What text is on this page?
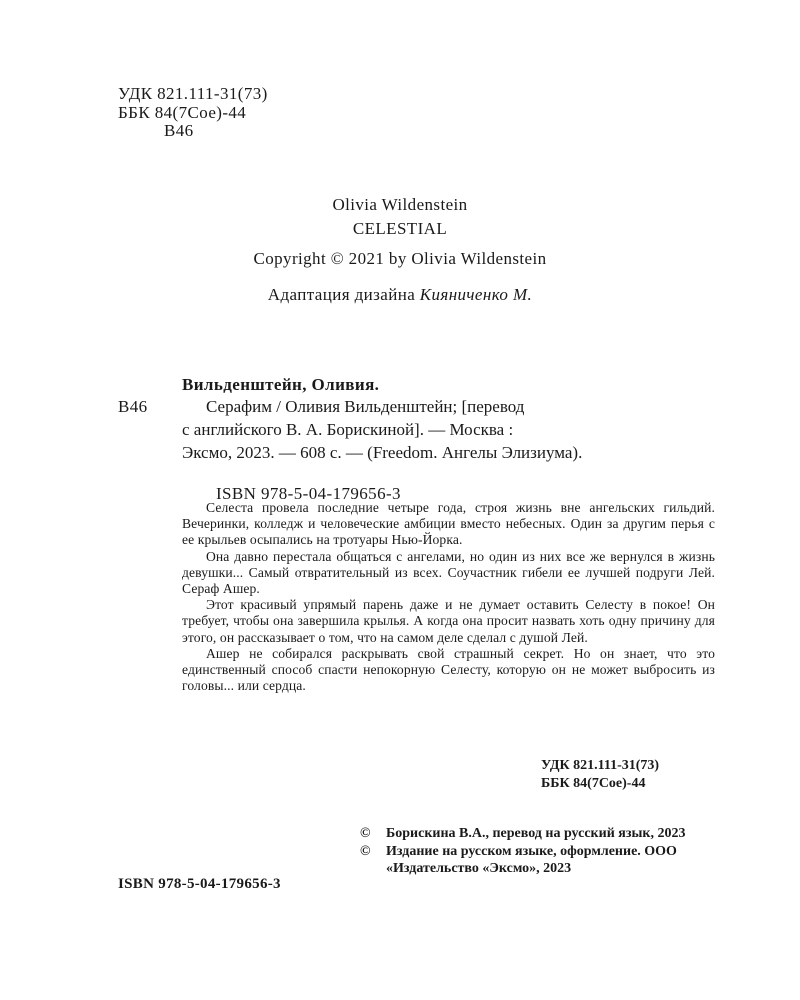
УДК 821.111-31(73)
ББК 84(7Сое)-44
В46
Olivia Wildenstein
CELESTIAL
Copyright © 2021 by Olivia Wildenstein
Адаптация дизайна Кияниченко М.
Вильденштейн, Оливия.
В46	Серафим / Оливия Вильденштейн; [перевод
с английского В. А. Борискиной]. — Москва :
Эксмо, 2023. — 608 с. — (Freedom. Ангелы Элизиума).
ISBN 978-5-04-179656-3

Селеста провела последние четыре года, строя жизнь вне ангельских гильдий. Вечеринки, колледж и человеческие амбиции вместо небесных. Один за другим перья с ее крыльев осыпались на тротуары Нью-Йорка.

Она давно перестала общаться с ангелами, но один из них все же вернулся в жизнь девушки... Самый отвратительный из всех. Соучастник гибели ее лучшей подруги Лей. Сераф Ашер.

Этот красивый упрямый парень даже и не думает оставить Селесту в покое! Он требует, чтобы она завершила крылья. А когда она просит назвать хоть одну причину для этого, он рассказывает о том, что на самом деле сделал с душой Лей.

Ашер не собирался раскрывать свой страшный секрет. Но он знает, что это единственный способ спасти непокорную Селесту, которую он не может выбросить из головы... или сердца.

УДК 821.111-31(73)
ББК 84(7Сое)-44
©	Борискина В.А., перевод на русский язык, 2023
©	Издание на русском языке, оформление. ООО «Издательство «Эксмо», 2023
ISBN 978-5-04-179656-3
